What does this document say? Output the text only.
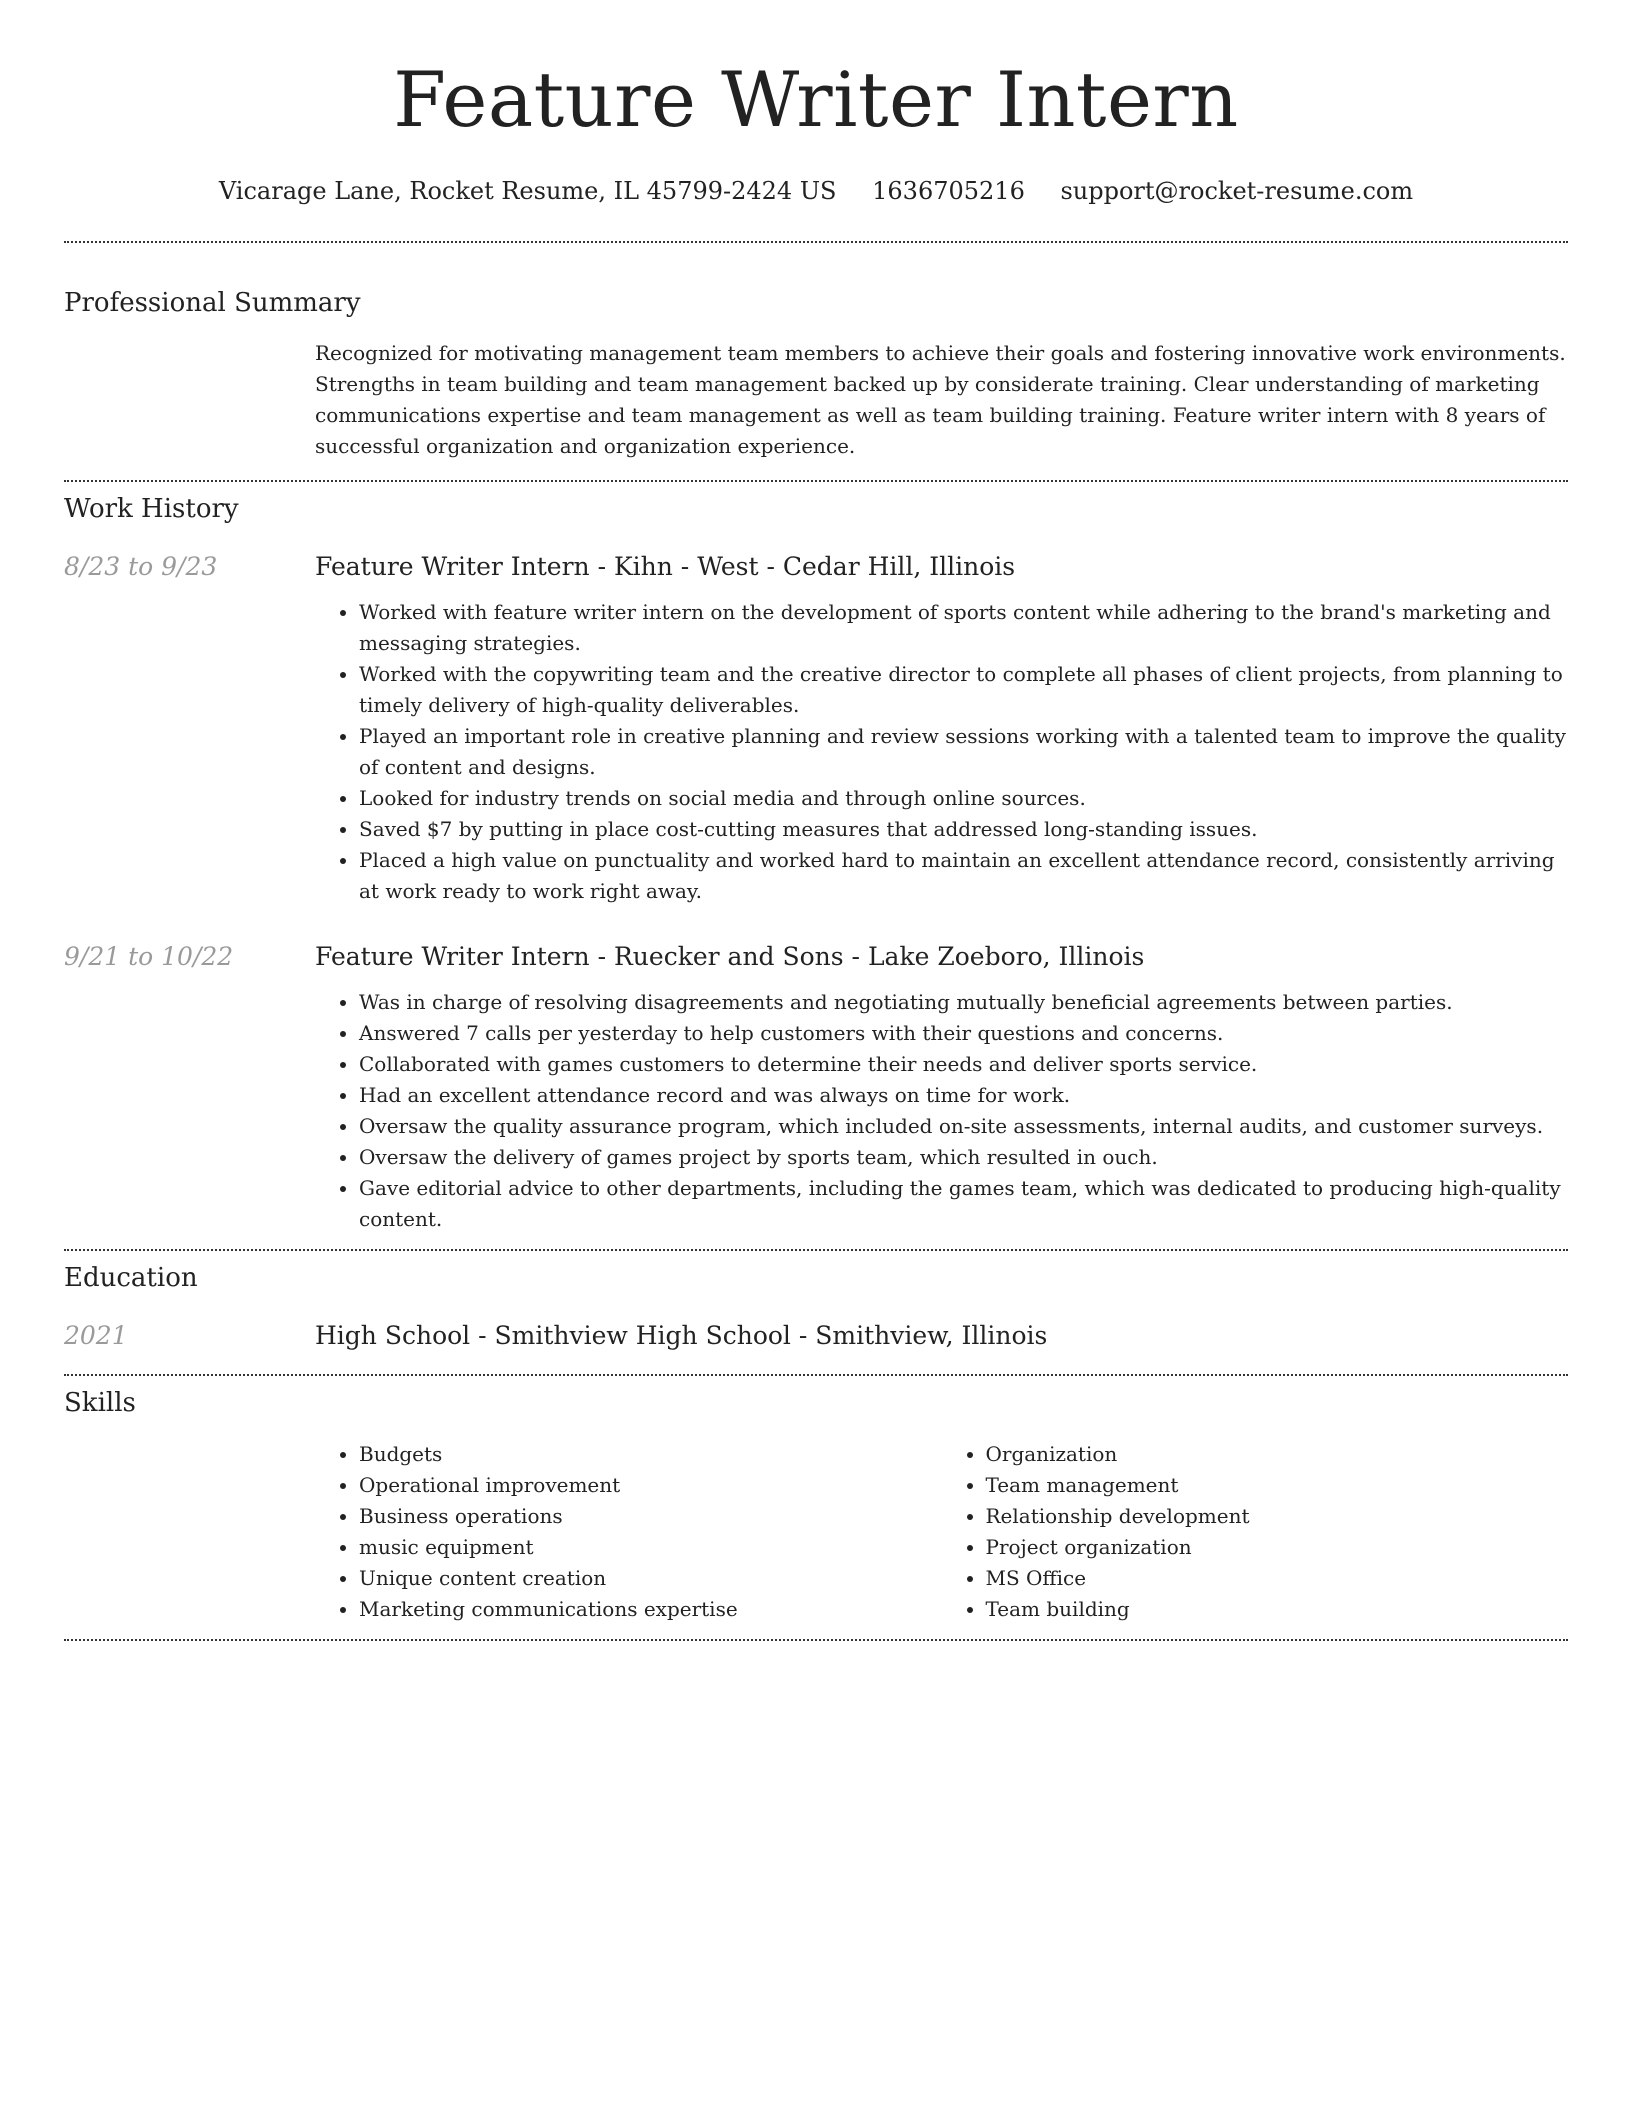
Feature Writer Intern
Vicarage Lane, Rocket Resume, IL 45799-2424 US 1636705216 support@rocket-resume.com
Professional Summary

Recognized for motivating management team members to achieve their goals and fostering innovative work environments. Strengths in team building and team management backed up by considerate training. Clear understanding of marketing communications expertise and team management as well as team building training. Feature writer intern with 8 years of successful organization and organization experience.

Work History
8/23 to 9/23	Feature Writer Intern - Kihn - West - Cedar Hill, Illinois
• Worked with feature writer intern on the development of sports content while adhering to the brand's marketing and messaging strategies.
• Worked with the copywriting team and the creative director to complete all phases of client projects, from planning to timely delivery of high-quality deliverables.
• Played an important role in creative planning and review sessions working with a talented team to improve the quality of content and designs.
• Looked for industry trends on social media and through online sources.
• Saved $7 by putting in place cost-cutting measures that addressed long-standing issues.
• Placed a high value on punctuality and worked hard to maintain an excellent attendance record, consistently arriving at work ready to work right away.
9/21 to 10/22	Feature Writer Intern - Ruecker and Sons - Lake Zoeboro, Illinois
• Was in charge of resolving disagreements and negotiating mutually beneficial agreements between parties.
• Answered 7 calls per yesterday to help customers with their questions and concerns.
• Collaborated with games customers to determine their needs and deliver sports service.
• Had an excellent attendance record and was always on time for work.
• Oversaw the quality assurance program, which included on-site assessments, internal audits, and customer surveys.
• Oversaw the delivery of games project by sports team, which resulted in ouch.
• Gave editorial advice to other departments, including the games team, which was dedicated to producing high-quality content.
Education
2021	High School - Smithview High School - Smithview, Illinois
Skills
• Budgets
• Operational improvement
• Business operations
• music equipment
• Unique content creation
• Marketing communications expertise
• Organization
• Team management
• Relationship development
• Project organization
• MS Office
• Team building
